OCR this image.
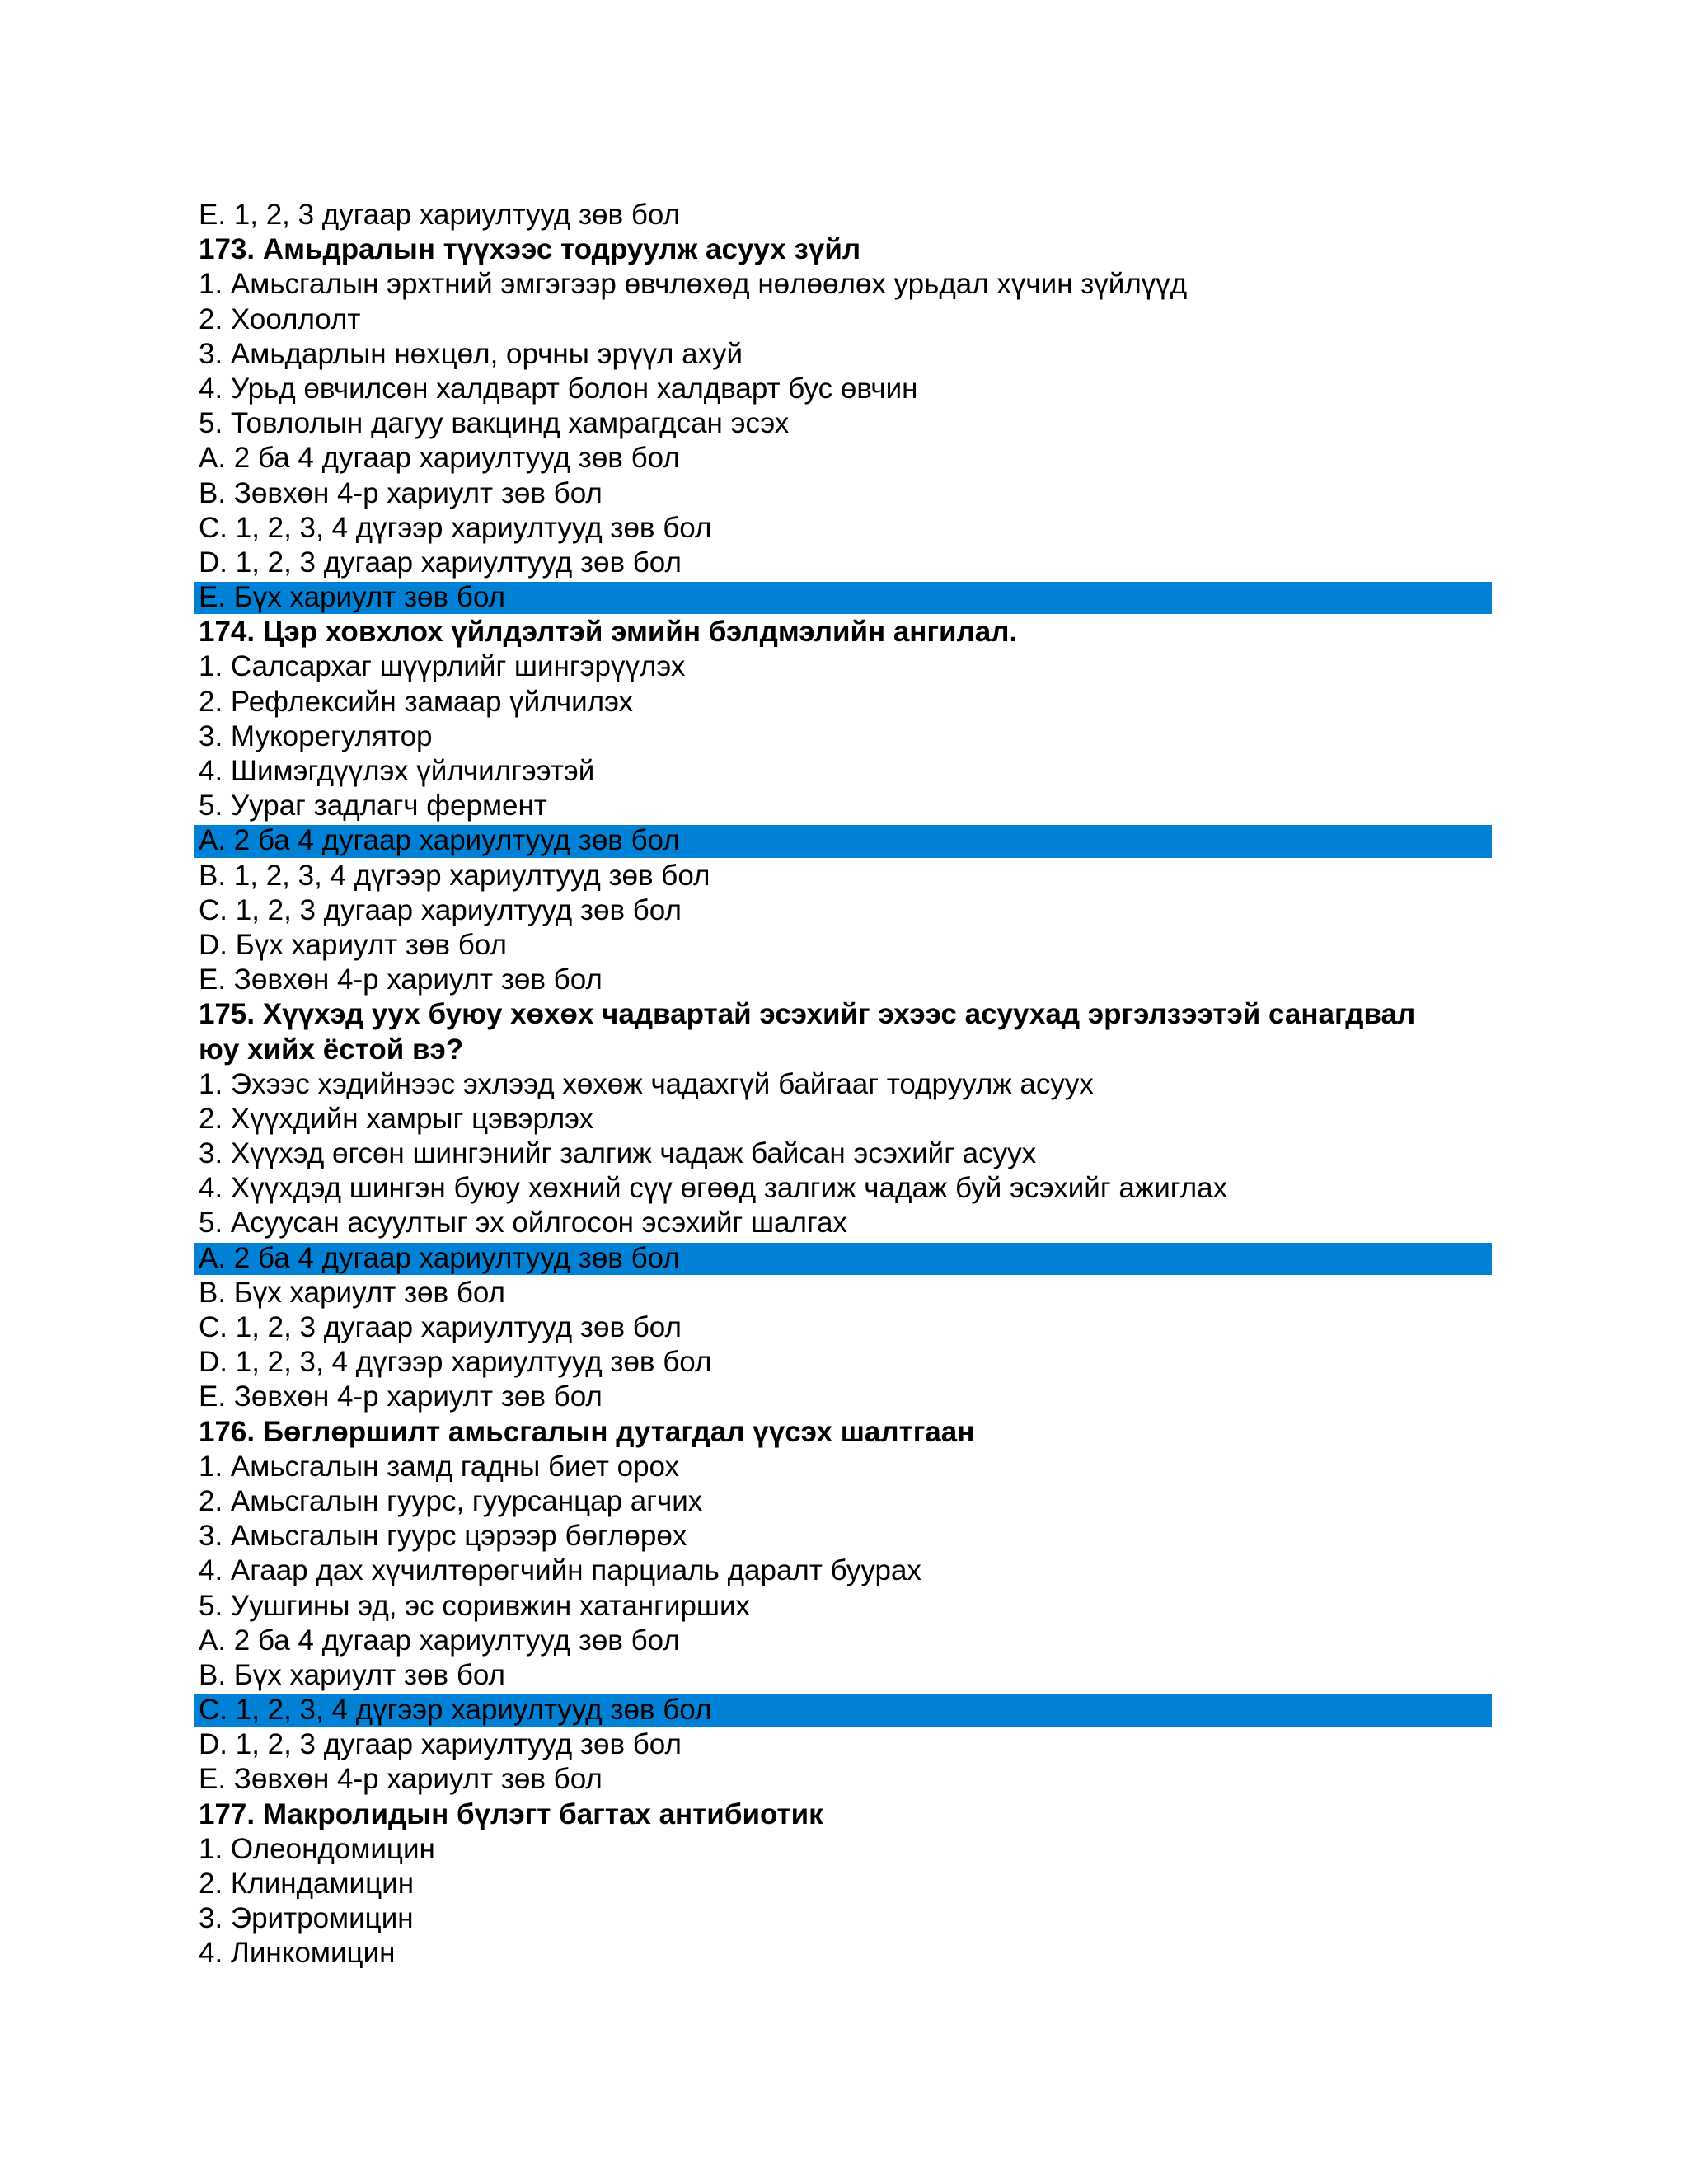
E. 1, 2, 3 дугаар хариултууд зөв бол
173. Амьдралын түүхээс тодруулж асуух зүйл
1. Амьсгалын эрхтний эмгэгээр өвчлөхөд нөлөөлөх урьдал хүчин зүйлүүд
2. Хооллолт
3. Амьдарлын нөхцөл, орчны эрүүл ахуй
4. Урьд өвчилсөн халдварт болон халдварт бус өвчин
5. Товлолын дагуу вакцинд хамрагдсан эсэх
A. 2 ба 4 дугаар хариултууд зөв бол
B. Зөвхөн 4-р хариулт зөв бол
C. 1, 2, 3, 4 дүгээр хариултууд зөв бол
D. 1, 2, 3 дугаар хариултууд зөв бол
E. Бүх хариулт зөв бол
174. Цэр ховхлох үйлдэлтэй эмийн бэлдмэлийн ангилал.
1. Салсархаг шүүрлийг шингэрүүлэх
2. Рефлексийн замаар үйлчилэх
3. Мукорегулятор
4. Шимэгдүүлэх үйлчилгээтэй
5. Уураг задлагч фермент
A. 2 ба 4 дугаар хариултууд зөв бол
B. 1, 2, 3, 4 дүгээр хариултууд зөв бол
C. 1, 2, 3 дугаар хариултууд зөв бол
D. Бүх хариулт зөв бол
E. Зөвхөн 4-р хариулт зөв бол
175. Хүүхэд уух буюу хөхөх чадвартай эсэхийг эхээс асуухад эргэлзээтэй санагдвал
юу хийх ёстой вэ?
1. Эхээс хэдийнээс эхлээд хөхөж чадахгүй байгааг тодруулж асуух
2. Хүүхдийн хамрыг цэвэрлэх
3. Хүүхэд өгсөн шингэнийг залгиж чадаж байсан эсэхийг асуух
4. Хүүхдэд шингэн буюу хөхний сүү өгөөд залгиж чадаж буй эсэхийг ажиглах
5. Асуусан асуултыг эх ойлгосон эсэхийг шалгах
A. 2 ба 4 дугаар хариултууд зөв бол
B. Бүх хариулт зөв бол
C. 1, 2, 3 дугаар хариултууд зөв бол
D. 1, 2, 3, 4 дүгээр хариултууд зөв бол
E. Зөвхөн 4-р хариулт зөв бол
176. Бөглөршилт амьсгалын дутагдал үүсэх шалтгаан
1. Амьсгалын замд гадны биет орох
2. Амьсгалын гуурс, гуурсанцар агчих
3. Амьсгалын гуурс цэрээр бөглөрөх
4. Агаар дах хүчилтөрөгчийн парциаль даралт буурах
5. Уушгины эд, эс соривжин хатангирших
A. 2 ба 4 дугаар хариултууд зөв бол
B. Бүх хариулт зөв бол
C. 1, 2, 3, 4 дүгээр хариултууд зөв бол
D. 1, 2, 3 дугаар хариултууд зөв бол
E. Зөвхөн 4-р хариулт зөв бол
177. Макролидын бүлэгт багтах антибиотик
1. Олеондомицин
2. Клиндамицин
3. Эритромицин
4. Линкомицин
